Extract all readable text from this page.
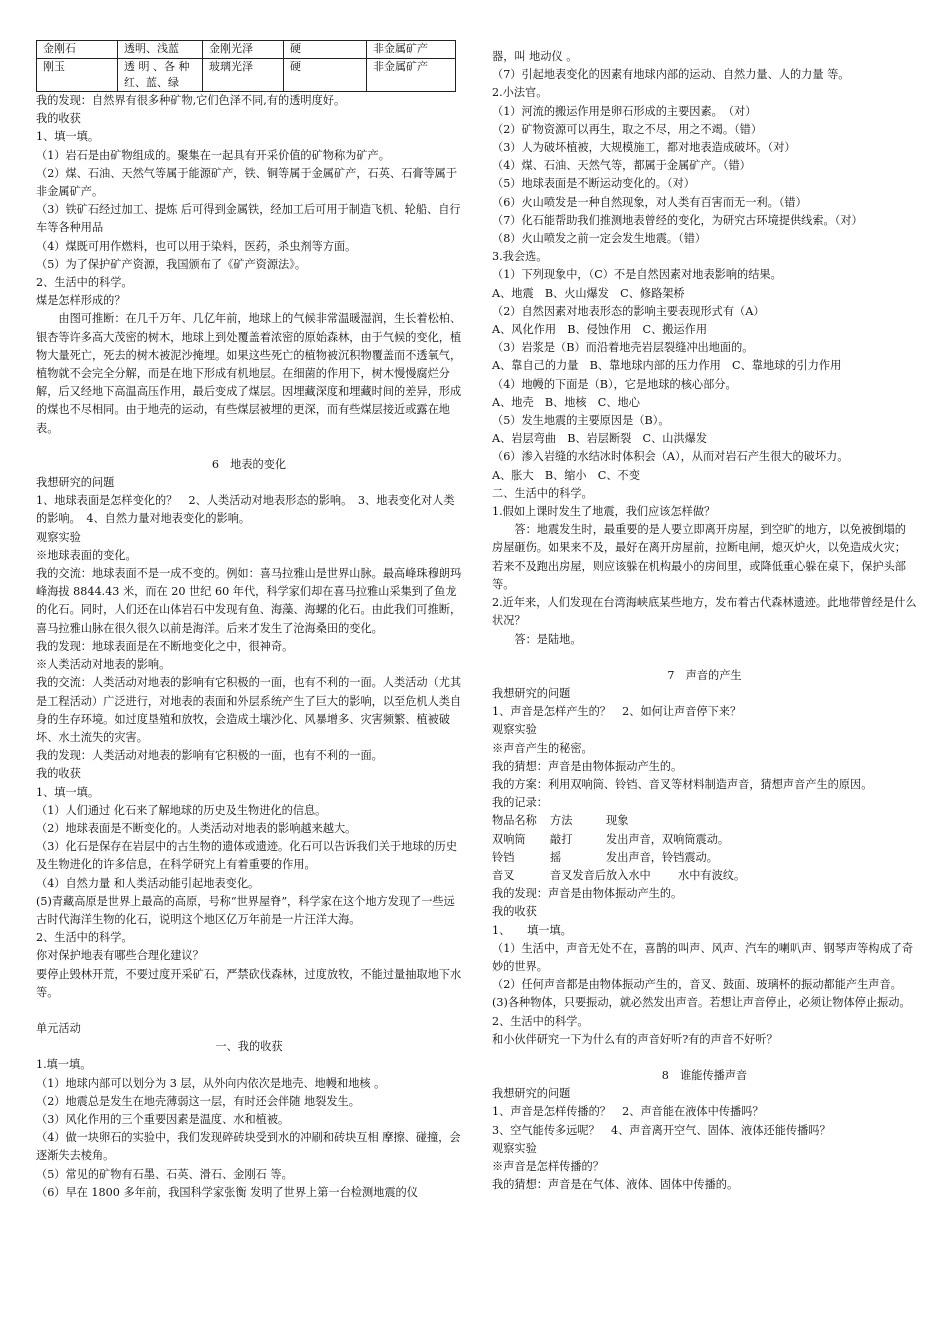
金刚石	透明、浅蓝	金刚光泽	硬	非金属矿产
刚玉	透 明 、各 种 红、蓝、绿	玻璃光泽	硬	非金属矿产

我的发现：自然界有很多种矿物,它们色泽不同,有的透明度好。

我的收获

1、填一填。

（1）岩石是由矿物组成的。聚集在一起具有开采价值的矿物称为矿产。

（2）煤、石油、天然气等属于能源矿产，铁、铜等属于金属矿产，石英、石膏等属于非金属矿产。

（3）铁矿石经过加工、提炼 后可得到金属铁，经加工后可用于制造飞机、轮船、自行车等各种用品

（4）煤既可用作燃料，也可以用于染料，医药，杀虫剂等方面。

（5）为了保护矿产资源，我国颁布了《矿产资源法》。

2、生活中的科学。

煤是怎样形成的？

由图可推断：在几千万年、几亿年前，地球上的气候非常温暖湿润，生长着松柏、银杏等许多高大茂密的树木，地球上到处覆盖着浓密的原始森林，由于气候的变化，植物大量死亡，死去的树木被泥沙掩埋。如果这些死亡的植物被沉积物覆盖而不透氧气，植物就不会完全分解，而是在地下形成有机地层。在细菌的作用下，树木慢慢腐烂分解，后又经地下高温高压作用，最后变成了煤层。因埋藏深度和埋藏时间的差异，形成的煤也不尽相同。由于地壳的运动，有些煤层被埋的更深，而有些煤层接近或露在地表。

6　地表的变化

我想研究的问题

1、地球表面是怎样变化的？　2、人类活动对地表形态的影响。　3、地表变化对人类的影响。　4、自然力量对地表变化的影响。

观察实验

※地球表面的变化。

我的交流：地球表面不是一成不变的。例如：喜马拉雅山是世界山脉。最高峰珠穆朗玛峰海拔 8844.43 米，而在 20 世纪 60 年代，科学家们却在喜马拉雅山采集到了鱼龙的化石。同时，人们还在山体岩石中发现有鱼、海藻、海螺的化石。由此我们可推断，喜马拉雅山脉在很久很久以前是海洋。后来才发生了沧海桑田的变化。

我的发现：地球表面是在不断地变化之中，很神奇。

※人类活动对地表的影响。

我的交流：人类活动对地表的影响有它积极的一面，也有不利的一面。人类活动（尤其是工程活动）广泛进行，对地表的表面和外层系统产生了巨大的影响，以至危机人类自身的生存环境。如过度垦殖和放牧，会造成土壤沙化、风暴增多、灾害频繁、植被破坏、水土流失的灾害。

我的发现：人类活动对地表的影响有它积极的一面，也有不利的一面。

我的收获

1、填一填。

（1）人们通过 化石来了解地球的历史及生物进化的信息。

（2）地球表面是不断变化的。人类活动对地表的影响越来越大。

（3）化石是保存在岩层中的古生物的遗体或遗迹。化石可以告诉我们关于地球的历史及生物进化的许多信息，在科学研究上有着重要的作用。

（4）自然力量 和人类活动能引起地表变化。

(5)青藏高原是世界上最高的高原，号称“世界屋脊”，科学家在这个地方发现了一些远古时代海洋生物的化石，说明这个地区亿万年前是一片汪洋大海。

2、生活中的科学。

你对保护地表有哪些合理化建议？

要停止毁林开荒，不要过度开采矿石，严禁砍伐森林，过度放牧，不能过量抽取地下水等。

单元活动

一、我的收获

1.填一填。

（1）地球内部可以划分为 3 层，从外向内依次是地壳、地幔和地核 。

（2）地震总是发生在地壳薄弱这一层，有时还会伴随 地裂发生。

（3）风化作用的三个重要因素是温度、水和植被。

（4）做一块卵石的实验中，我们发现碎砖块受到水的冲刷和砖块互相 摩擦、碰撞，会逐渐失去棱角。

（5）常见的矿物有石墨、石英、滑石、金刚石 等。

（6）早在 1800 多年前，我国科学家张衡 发明了世界上第一台检测地震的仪

器，叫 地动仪 。

（7）引起地表变化的因素有地球内部的运动、自然力量、人的力量 等。

2.小法官。

（1）河流的搬运作用是卵石形成的主要因素。　（对）

（2）矿物资源可以再生，取之不尽，用之不竭。（错）

（3）人为破坏植被，大规模施工，都对地表造成破坏。（对）

（4）煤、石油、天然气等，都属于金属矿产。（错）

（5）地球表面是不断运动变化的。（对）

（6）火山喷发是一种自然现象，对人类有百害而无一利。（错）

（7）化石能帮助我们推测地表曾经的变化，为研究古环境提供线索。（对）

（8）火山喷发之前一定会发生地震。（错）

3.我会选。

（1）下列现象中，（C）不是自然因素对地表影响的结果。

A、地震　B、火山爆发　C、修路架桥

（2）自然因素对地表形态的影响主要表现形式有（A）

A、风化作用　B、侵蚀作用　C、搬运作用

（3）岩浆是（B）而沿着地壳岩层裂缝冲出地面的。

A、靠自己的力量　B、靠地球内部的压力作用　C、靠地球的引力作用

（4）地幔的下面是（B），它是地球的核心部分。

A、地壳　B、地核　C、地心

（5）发生地震的主要原因是（B）。

A、岩层弯曲　B、岩层断裂　C、山洪爆发

（6）渗入岩缝的水结冰时体积会（A），从而对岩石产生很大的破坏力。

A、胀大　B、缩小　C、不变

二、生活中的科学。

1.假如上课时发生了地震，我们应该怎样做？

答：地震发生时，最重要的是人要立即离开房屋，到空旷的地方，以免被倒塌的房屋砸伤。如果来不及，最好在离开房屋前，拉断电闸，熄灭炉火，以免造成火灾；若来不及跑出房屋，则应该躲在机构最小的房间里，或降低重心躲在桌下，保护头部等。

2.近年来，人们发现在台湾海峡底某些地方，发布着古代森林遗迹。此地带曾经是什么状况？

答：是陆地。

7　声音的产生

我想研究的问题

1、声音是怎样产生的？　2、如何让声音停下来？

观察实验

※声音产生的秘密。

我的猜想：声音是由物体振动产生的。

我的方案：利用双响筒、铃铛、音叉等材料制造声音，猜想声音产生的原因。

我的记录：

物品名称	方法	现象
双响筒	敲打	发出声音，双响筒震动。
铃铛	摇	发出声音，铃铛震动。
音叉	音叉发音后放入水中	水中有波纹。

我的发现：声音是由物体振动产生的。

我的收获

1、　　填一填。

（1）生活中，声音无处不在，喜鹊的叫声、风声、汽车的喇叭声、钢琴声等构成了奇妙的世界。

（2）任何声音都是由物体振动产生的，音叉、鼓面、玻璃杯的振动都能产生声音。

(3)各种物体，只要振动，就必然发出声音。若想让声音停止，必须让物体停止振动。

2、生活中的科学。

和小伙伴研究一下为什么有的声音好听?有的声音不好听？

8　谁能传播声音

我想研究的问题

1、声音是怎样传播的？　2、声音能在液体中传播吗？

3、空气能传多远呢？　4、声音离开空气、固体、液体还能传播吗？

观察实验

※声音是怎样传播的？

我的猜想：声音是在气体、液体、固体中传播的。
